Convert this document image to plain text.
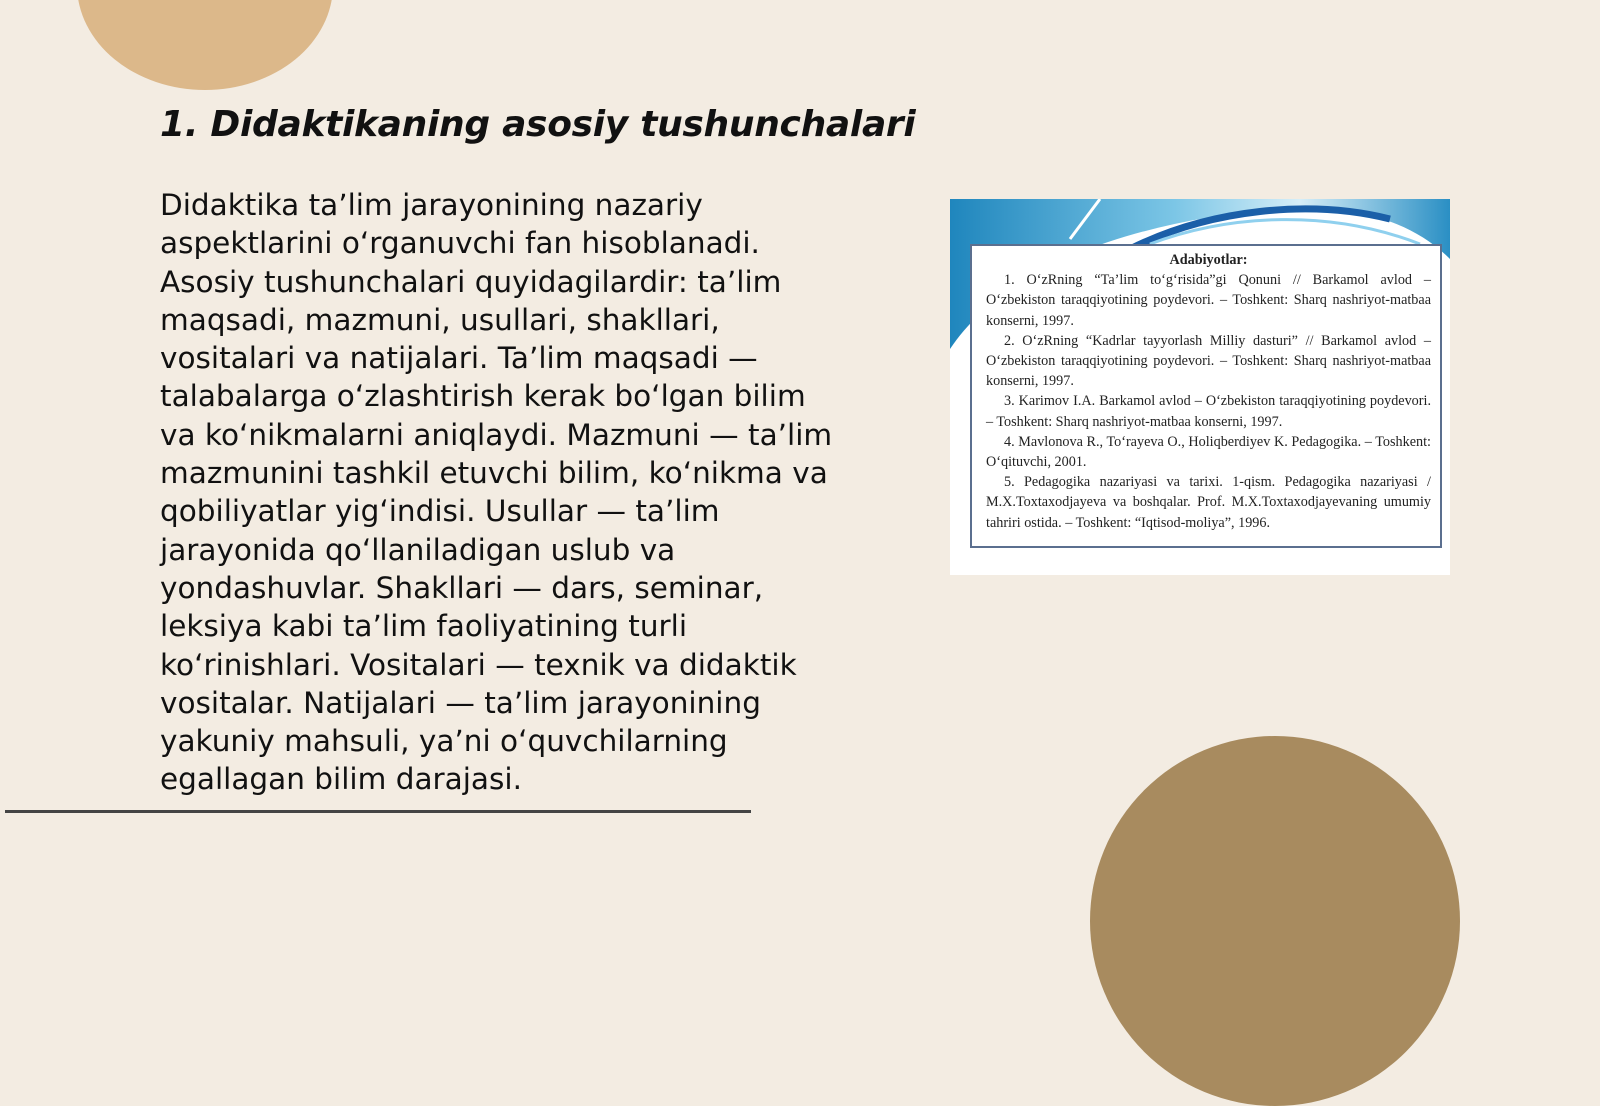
1. Didaktikaning asosiy tushunchalari

Didaktika ta’lim jarayonining nazariy aspektlarini o‘rganuvchi fan hisoblanadi. Asosiy tushunchalari quyidagilardir: ta’lim maqsadi, mazmuni, usullari, shakllari, vositalari va natijalari. Ta’lim maqsadi — talabalarga o‘zlashtirish kerak bo‘lgan bilim va ko‘nikmalarni aniqlaydi. Mazmuni — ta’lim mazmunini tashkil etuvchi bilim, ko‘nikma va qobiliyatlar yig‘indisi. Usullar — ta’lim jarayonida qo‘llaniladigan uslub va yondashuvlar. Shakllari — dars, seminar, leksiya kabi ta’lim faoliyatining turli ko‘rinishlari. Vositalari — texnik va didaktik vositalar. Natijalari — ta’lim jarayonining yakuniy mahsuli, ya’ni o‘quvchilarning egallagan bilim darajasi.

Adabiyotlar:

1. O‘zRning “Ta’lim to‘g‘risida”gi Qonuni // Barkamol avlod – O‘zbekiston taraqqiyotining poydevori. – Toshkent: Sharq nashriyot-matbaa konserni, 1997.

2. O‘zRning “Kadrlar tayyorlash Milliy dasturi” // Barkamol avlod – O‘zbekiston taraqqiyotining poydevori. – Toshkent: Sharq nashriyot-matbaa konserni, 1997.

3. Karimov I.A. Barkamol avlod – O‘zbekiston taraqqiyotining poydevori. – Toshkent: Sharq nashriyot-matbaa konserni, 1997.

4. Mavlonova R., To‘rayeva O., Holiqberdiyev K. Pedagogika. – Toshkent: O‘qituvchi, 2001.

5. Pedagogika nazariyasi va tarixi. 1-qism. Pedagogika nazariyasi / M.X.Toxtaxodjayeva va boshqalar. Prof. M.X.Toxtaxodjayevaning umumiy tahriri ostida. – Toshkent: “Iqtisod-moliya”, 1996.
